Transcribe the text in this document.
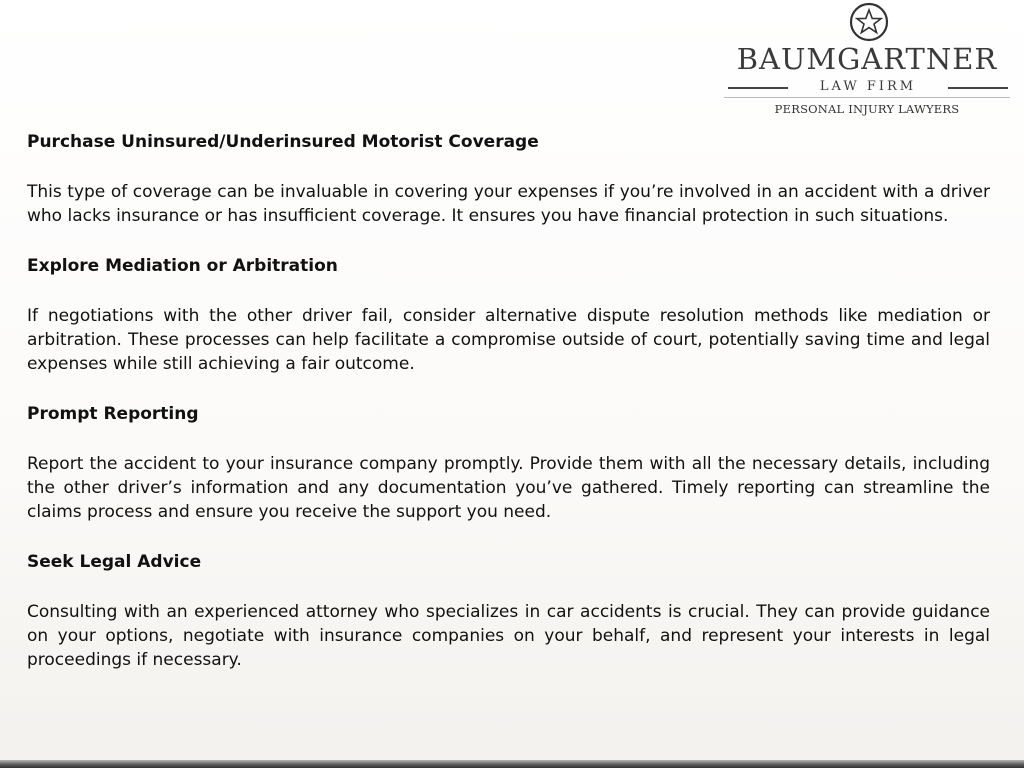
BAUMGARTNER
LAW FIRM
PERSONAL INJURY LAWYERS
Purchase Uninsured/Underinsured Motorist Coverage

This type of coverage can be invaluable in covering your expenses if you’re involved in an accident with a driver who lacks insurance or has insufficient coverage. It ensures you have financial protection in such situations.

Explore Mediation or Arbitration

If negotiations with the other driver fail, consider alternative dispute resolution methods like mediation or arbitration. These processes can help facilitate a compromise outside of court, potentially saving time and legal expenses while still achieving a fair outcome.

Prompt Reporting

Report the accident to your insurance company promptly. Provide them with all the necessary details, including the other driver’s information and any documentation you’ve gathered. Timely reporting can streamline the claims process and ensure you receive the support you need.

Seek Legal Advice

Consulting with an experienced attorney who specializes in car accidents is crucial. They can provide guidance on your options, negotiate with insurance companies on your behalf, and represent your interests in legal proceedings if necessary.
